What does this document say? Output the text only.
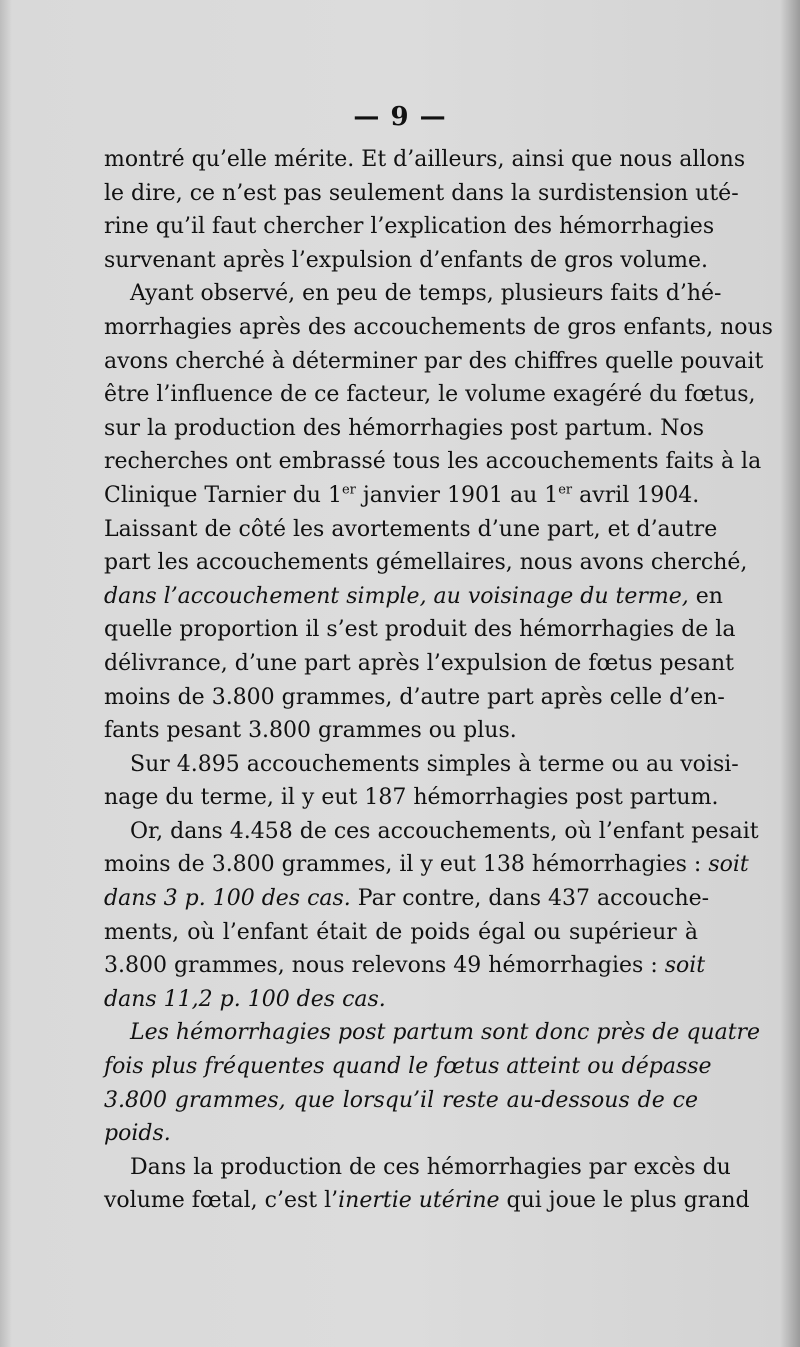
— 9 —
montré qu’elle mérite. Et d’ailleurs, ainsi que nous allons
le dire, ce n’est pas seulement dans la surdistension uté-
rine qu’il faut chercher l’explication des hémorrhagies
survenant après l’expulsion d’enfants de gros volume.
Ayant observé, en peu de temps, plusieurs faits d’hé-
morrhagies après des accouchements de gros enfants, nous
avons cherché à déterminer par des chiffres quelle pouvait
être l’influence de ce facteur, le volume exagéré du fœtus,
sur la production des hémorrhagies post partum. Nos
recherches ont embrassé tous les accouchements faits à la
Clinique Tarnier du 1er janvier 1901 au 1er avril 1904.
Laissant de côté les avortements d’une part, et d’autre
part les accouchements gémellaires, nous avons cherché,
dans l’accouchement simple, au voisinage du terme, en
quelle proportion il s’est produit des hémorrhagies de la
délivrance, d’une part après l’expulsion de fœtus pesant
moins de 3.800 grammes, d’autre part après celle d’en-
fants pesant 3.800 grammes ou plus.
Sur 4.895 accouchements simples à terme ou au voisi-
nage du terme, il y eut 187 hémorrhagies post partum.
Or, dans 4.458 de ces accouchements, où l’enfant pesait
moins de 3.800 grammes, il y eut 138 hémorrhagies : soit
dans 3 p. 100 des cas. Par contre, dans 437 accouche-
ments, où l’enfant était de poids égal ou supérieur à
3.800 grammes, nous relevons 49 hémorrhagies : soit
dans 11,2 p. 100 des cas.
Les hémorrhagies post partum sont donc près de quatre
fois plus fréquentes quand le fœtus atteint ou dépasse
3.800 grammes, que lorsqu’il reste au-dessous de ce
poids.
Dans la production de ces hémorrhagies par excès du
volume fœtal, c’est l’inertie utérine qui joue le plus grand
